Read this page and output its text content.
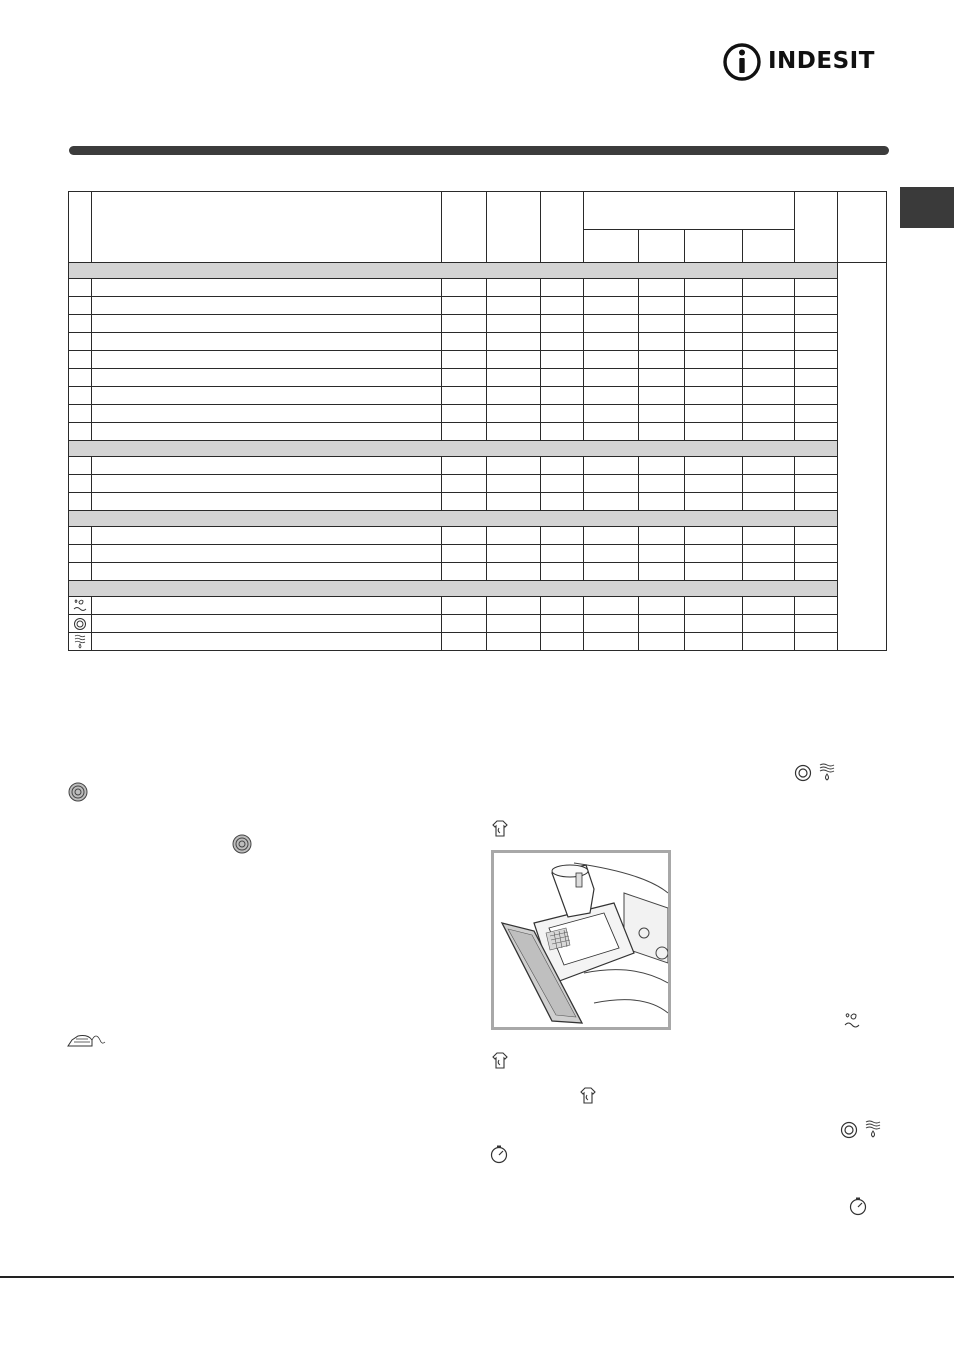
INDESIT
